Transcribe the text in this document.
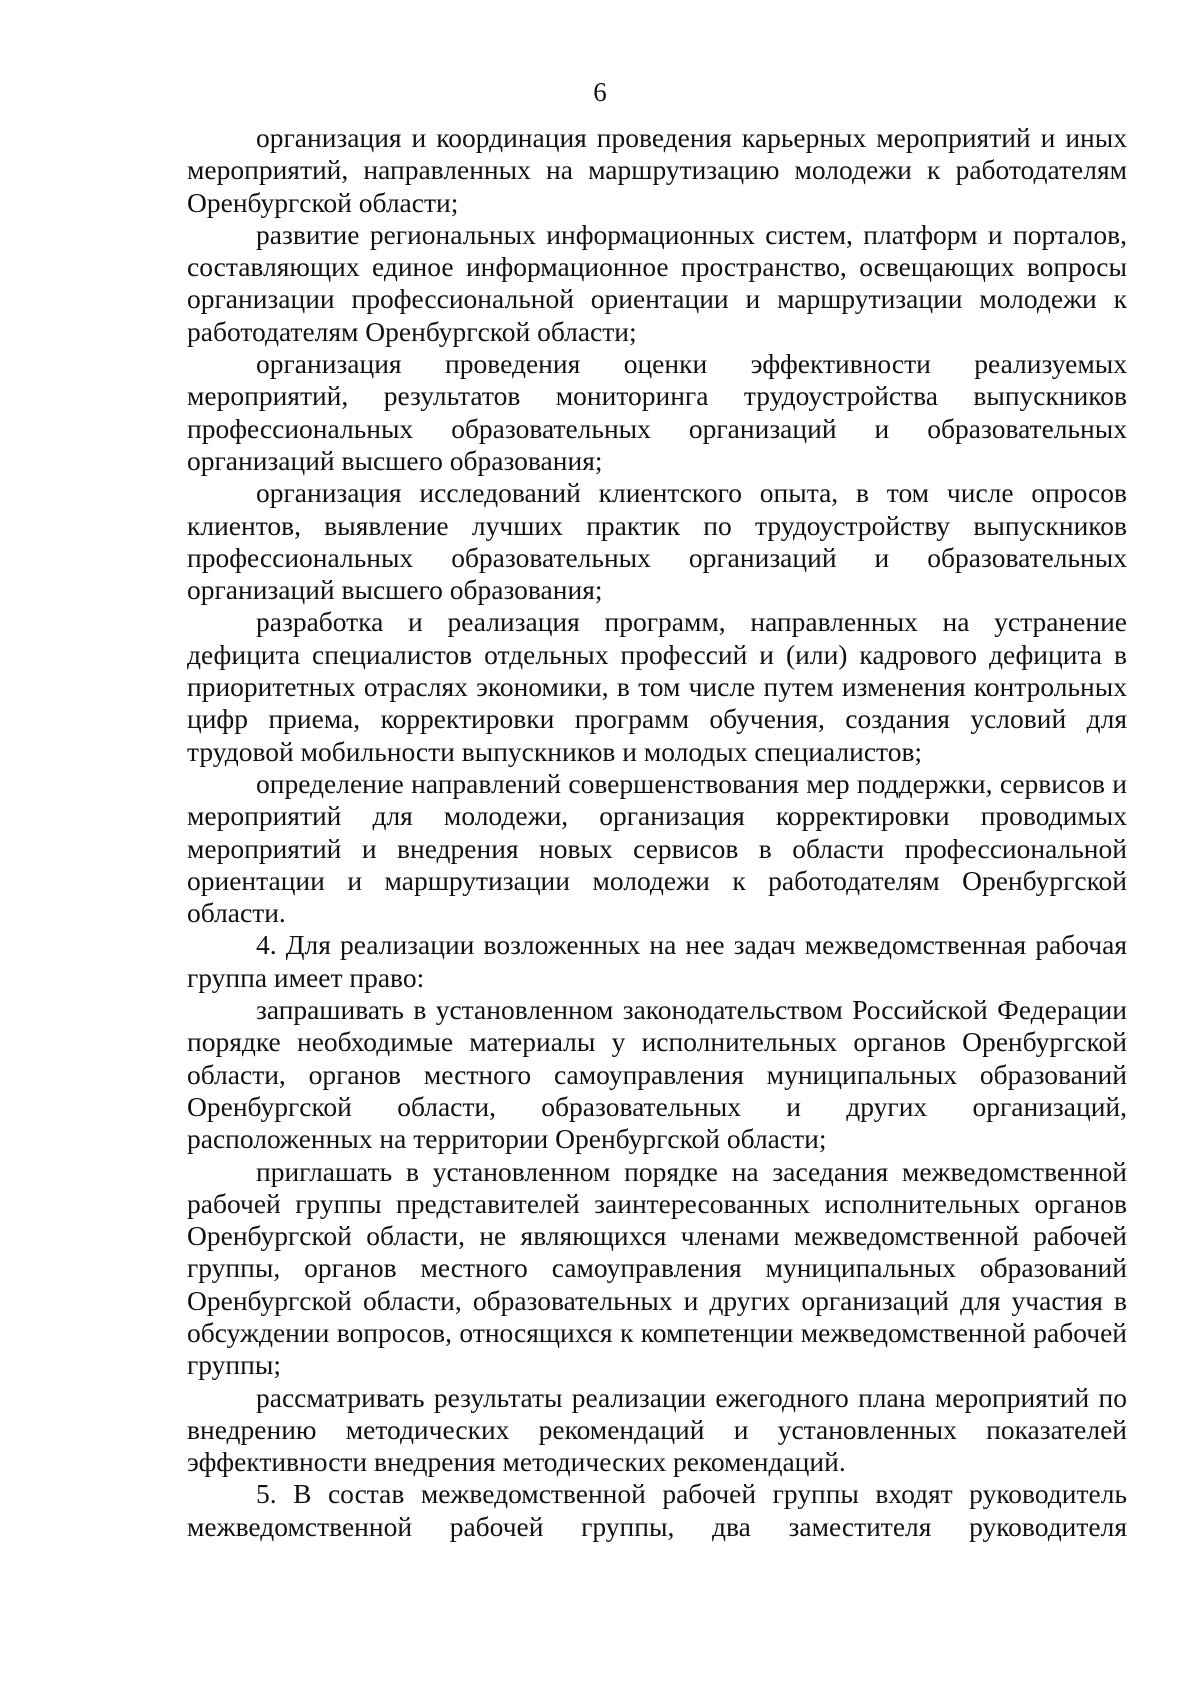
6

организация и координация проведения карьерных мероприятий и иных мероприятий, направленных на маршрутизацию молодежи к работодателям Оренбургской области;

развитие региональных информационных систем, платформ и порталов, составляющих единое информационное пространство, освещающих вопросы организации профессиональной ориентации и маршрутизации молодежи к работодателям Оренбургской области;

организация проведения оценки эффективности реализуемых мероприятий, результатов мониторинга трудоустройства выпускников профессиональных образовательных организаций и образовательных организаций высшего образования;

организация исследований клиентского опыта, в том числе опросов клиентов, выявление лучших практик по трудоустройству выпускников профессиональных образовательных организаций и образовательных организаций высшего образования;

разработка и реализация программ, направленных на устранение дефицита специалистов отдельных профессий и (или) кадрового дефицита в приоритетных отраслях экономики, в том числе путем изменения контрольных цифр приема, корректировки программ обучения, создания условий для трудовой мобильности выпускников и молодых специалистов;

определение направлений совершенствования мер поддержки, сервисов и мероприятий для молодежи, организация корректировки проводимых мероприятий и внедрения новых сервисов в области профессиональной ориентации и маршрутизации молодежи к работодателям Оренбургской области.

4. Для реализации возложенных на нее задач межведомственная рабочая группа имеет право:

запрашивать в установленном законодательством Российской Федерации порядке необходимые материалы у исполнительных органов Оренбургской области, органов местного самоуправления муниципальных образований Оренбургской области, образовательных и других организаций, расположенных на территории Оренбургской области;

приглашать в установленном порядке на заседания межведомственной рабочей группы представителей заинтересованных исполнительных органов Оренбургской области, не являющихся членами межведомственной рабочей группы, органов местного самоуправления муниципальных образований Оренбургской области, образовательных и других организаций для участия в обсуждении вопросов, относящихся к компетенции межведомственной рабочей группы;

рассматривать результаты реализации ежегодного плана мероприятий по внедрению методических рекомендаций и установленных показателей эффективности внедрения методических рекомендаций.

5. В состав межведомственной рабочей группы входят руководитель межведомственной рабочей группы, два заместителя руководителя
